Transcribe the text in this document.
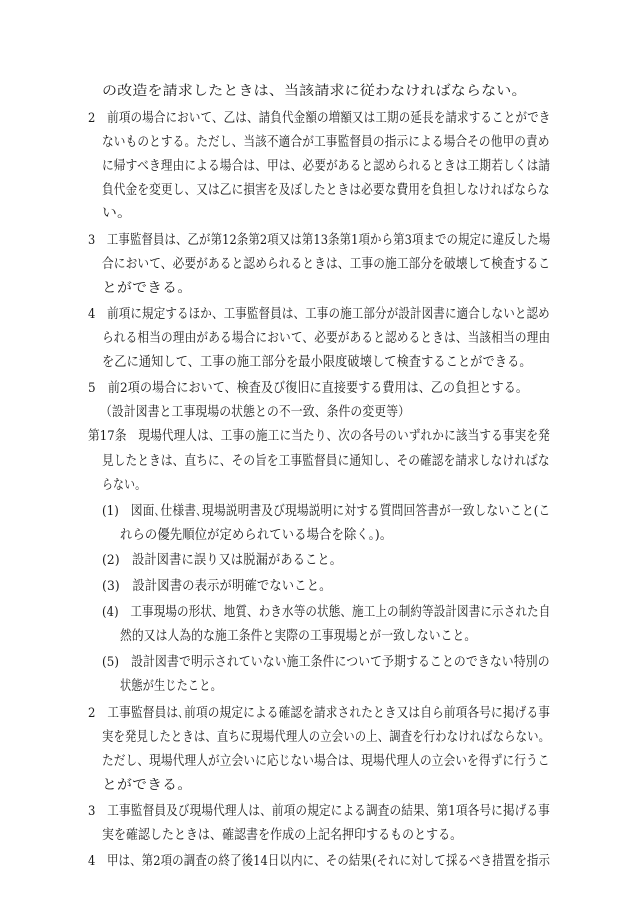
の改造を請求したときは、当該請求に従わなければならない。

2　前項の場合において、乙は、請負代金額の増額又は工期の延長を請求することができ

ないものとする。ただし、当該不適合が工事監督員の指示による場合その他甲の責め

に帰すべき理由による場合は、甲は、必要があると認められるときは工期若しくは請

負代金を変更し、又は乙に損害を及ぼしたときは必要な費用を負担しなければならな

い。

3　工事監督員は、乙が第12条第2項又は第13条第1項から第3項までの規定に違反した場

合において、必要があると認められるときは、工事の施工部分を破壊して検査するこ

とができる。

4　前項に規定するほか、工事監督員は、工事の施工部分が設計図書に適合しないと認め

られる相当の理由がある場合において、必要があると認めるときは、当該相当の理由

を乙に通知して、工事の施工部分を最小限度破壊して検査することができる。

5　前2項の場合において、検査及び復旧に直接要する費用は、乙の負担とする。

（設計図書と工事現場の状態との不一致、条件の変更等）

第17条　現場代理人は、工事の施工に当たり、次の各号のいずれかに該当する事実を発

見したときは、直ちに、その旨を工事監督員に通知し、その確認を請求しなければな

らない。

(1)　図面､仕様書､現場説明書及び現場説明に対する質問回答書が一致しないこと(こ

れらの優先順位が定められている場合を除く。)。

(2)　設計図書に誤り又は脱漏があること。

(3)　設計図書の表示が明確でないこと。

(4)　工事現場の形状、地質、わき水等の状態、施工上の制約等設計図書に示された自

然的又は人為的な施工条件と実際の工事現場とが一致しないこと。

(5)　設計図書で明示されていない施工条件について予期することのできない特別の

状態が生じたこと。

2　工事監督員は､前項の規定による確認を請求されたとき又は自ら前項各号に掲げる事

実を発見したときは、直ちに現場代理人の立会いの上、調査を行わなければならない。

ただし、現場代理人が立会いに応じない場合は、現場代理人の立会いを得ずに行うこ

とができる。

3　工事監督員及び現場代理人は、前項の規定による調査の結果、第1項各号に掲げる事

実を確認したときは、確認書を作成の上記名押印するものとする。

4　甲は、第2項の調査の終了後14日以内に、その結果(それに対して採るべき措置を指示
